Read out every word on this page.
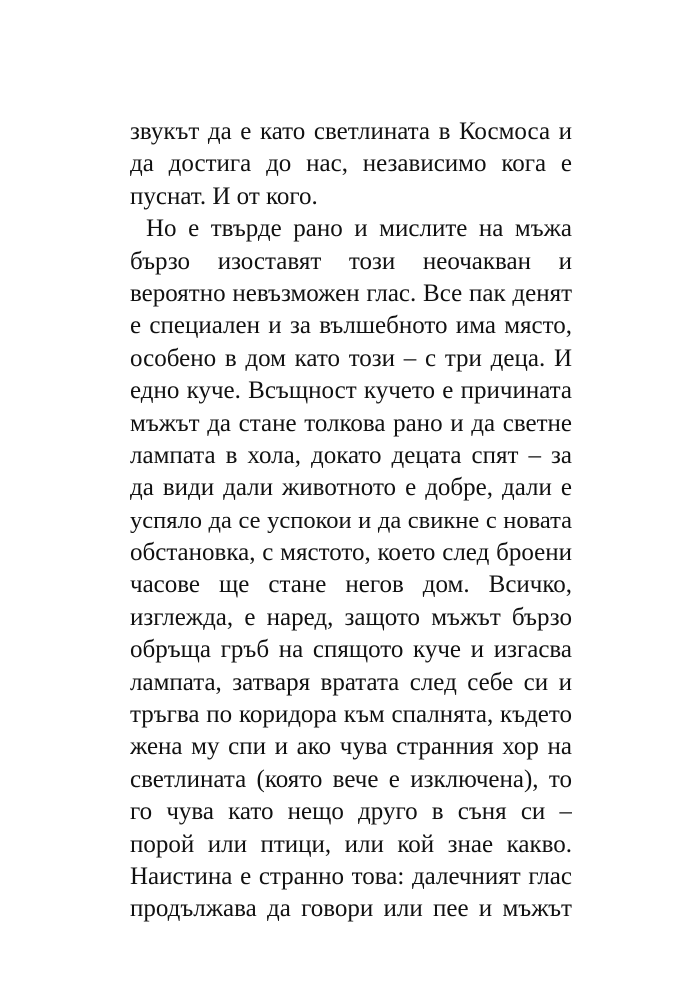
звукът да е като светлината в Космоса и
да достига до нас, независимо кога е
пуснат. И от кого.
Но е твърде рано и мислите на мъжа
бързо изоставят този неочакван и
вероятно невъзможен глас. Все пак денят
е специален и за вълшебното има място,
особено в дом като този – с три деца. И
едно куче. Всъщност кучето е причината
мъжът да стане толкова рано и да светне
лампата в хола, докато децата спят – за
да види дали животното е добре, дали е
успяло да се успокои и да свикне с новата
обстановка, с мястото, което след броени
часове ще стане негов дом. Всичко,
изглежда, е наред, защото мъжът бързо
обръща гръб на спящото куче и изгасва
лампата, затваря вратата след себе си и
тръгва по коридора към спалнята, където
жена му спи и ако чува странния хор на
светлината (която вече е изключена), то
го чува като нещо друго в съня си –
порой или птици, или кой знае какво.
Наистина е странно това: далечният глас
продължава да говори или пее и мъжът
